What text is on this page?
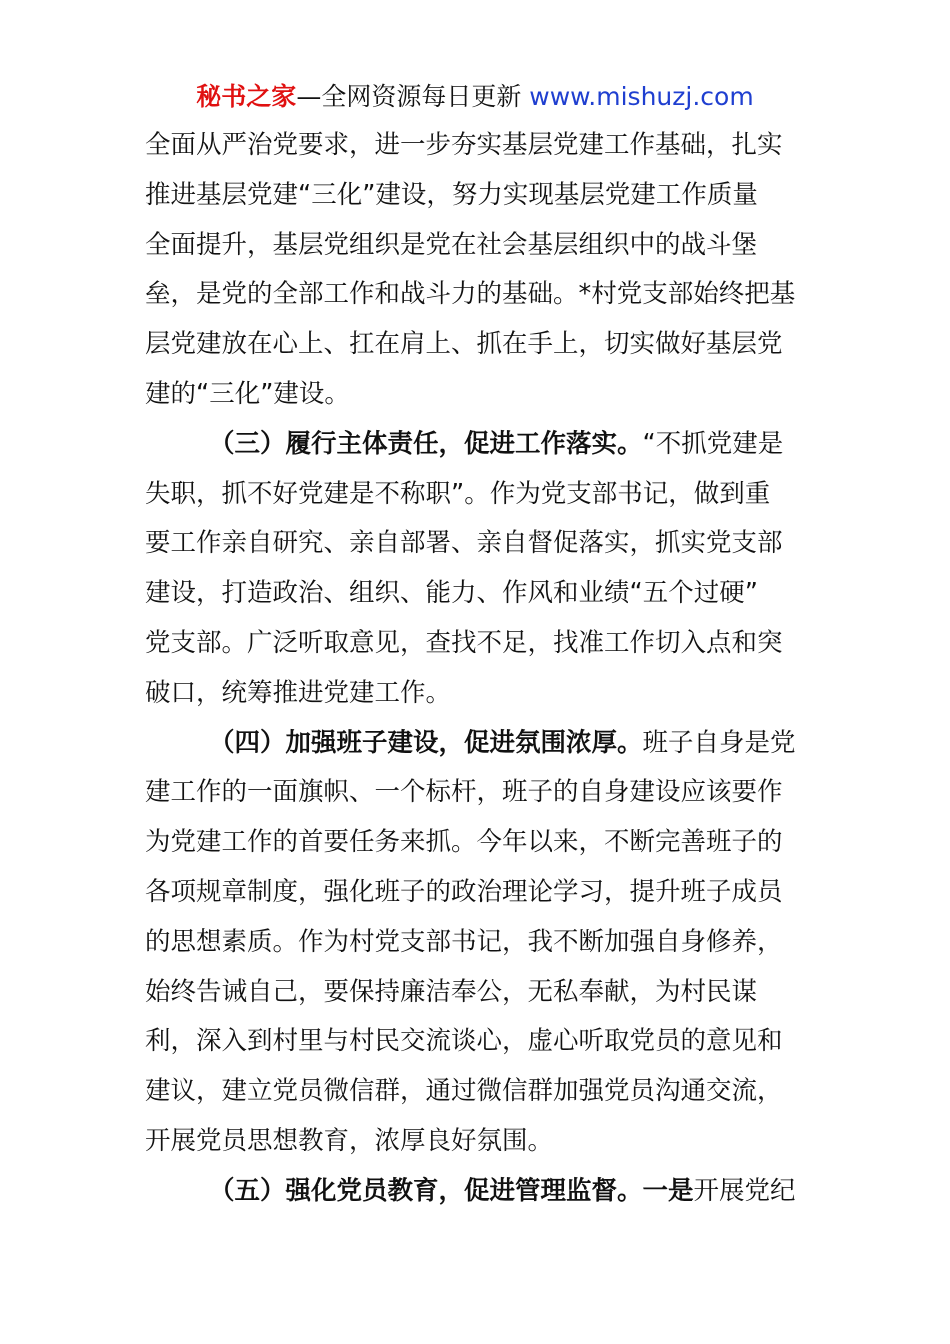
秘书之家—全网资源每日更新 www.mishuzj.com
全面从严治党要求，进一步夯实基层党建工作基础，扎实
推进基层党建“三化”建设，努力实现基层党建工作质量
全面提升，基层党组织是党在社会基层组织中的战斗堡
垒，是党的全部工作和战斗力的基础。*村党支部始终把基
层党建放在心上、扛在肩上、抓在手上，切实做好基层党
建的“三化”建设。
（三）履行主体责任，促进工作落实。“不抓党建是
失职，抓不好党建是不称职”。作为党支部书记，做到重
要工作亲自研究、亲自部署、亲自督促落实，抓实党支部
建设，打造政治、组织、能力、作风和业绩“五个过硬”
党支部。广泛听取意见，查找不足，找准工作切入点和突
破口，统筹推进党建工作。
（四）加强班子建设，促进氛围浓厚。班子自身是党
建工作的一面旗帜、一个标杆，班子的自身建设应该要作
为党建工作的首要任务来抓。今年以来，不断完善班子的
各项规章制度，强化班子的政治理论学习，提升班子成员
的思想素质。作为村党支部书记，我不断加强自身修养，
始终告诫自己，要保持廉洁奉公，无私奉献，为村民谋
利，深入到村里与村民交流谈心，虚心听取党员的意见和
建议，建立党员微信群，通过微信群加强党员沟通交流，
开展党员思想教育，浓厚良好氛围。
（五）强化党员教育，促进管理监督。一是开展党纪
